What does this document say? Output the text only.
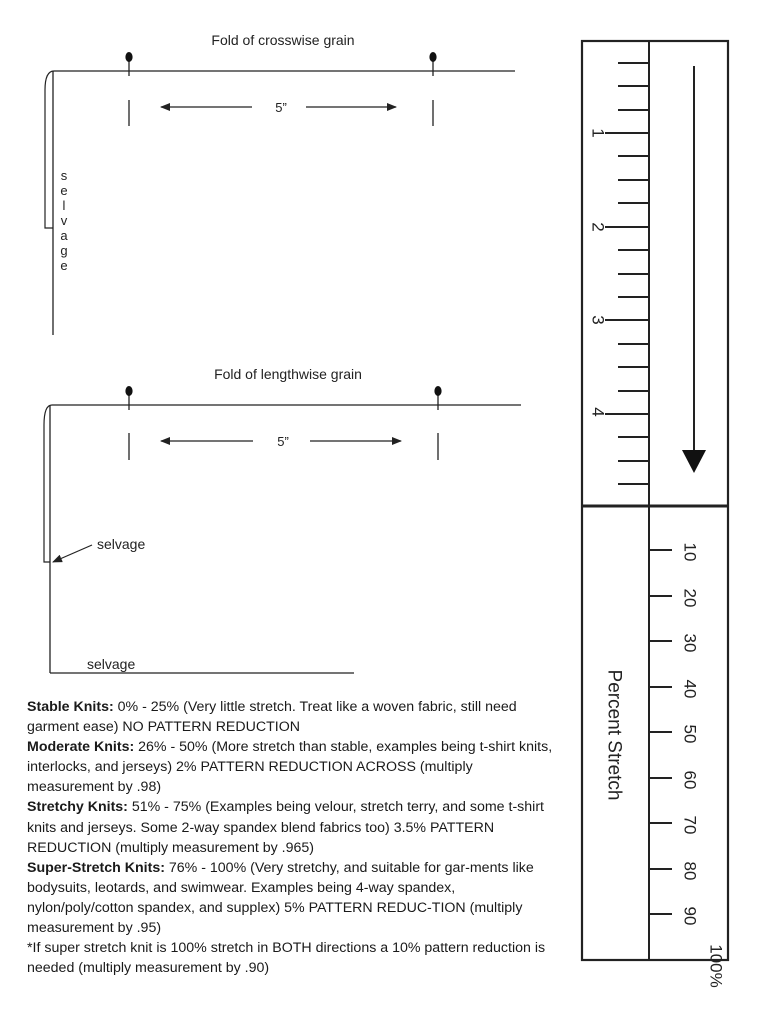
Fold of crosswise grain
5”
s
e
l
v
a
g
e
Fold of lengthwise grain
5”
selvage
selvage
1
2
3
4
10
20
30
40
50
60
70
80
90
100%
Percent Stretch

Stable Knits: 0% - 25% (Very little stretch. Treat like a woven fabric, still need garment ease) NO PATTERN REDUCTION

Moderate Knits: 26% - 50% (More stretch than stable, examples being t-shirt knits, interlocks, and jerseys) 2% PATTERN REDUCTION ACROSS (multiply measurement by .98)

Stretchy Knits: 51% - 75% (Examples being velour, stretch terry, and some t-shirt knits and jerseys. Some 2-way spandex blend fabrics too) 3.5% PATTERN REDUCTION (multiply measurement by .965)

Super-Stretch Knits: 76% - 100% (Very stretchy, and suitable for gar-ments like bodysuits, leotards, and swimwear. Examples being 4-way spandex, nylon/poly/cotton spandex, and supplex) 5% PATTERN REDUC-TION (multiply measurement by .95)

*If super stretch knit is 100% stretch in BOTH directions a 10% pattern reduction is needed (multiply measurement by .90)
